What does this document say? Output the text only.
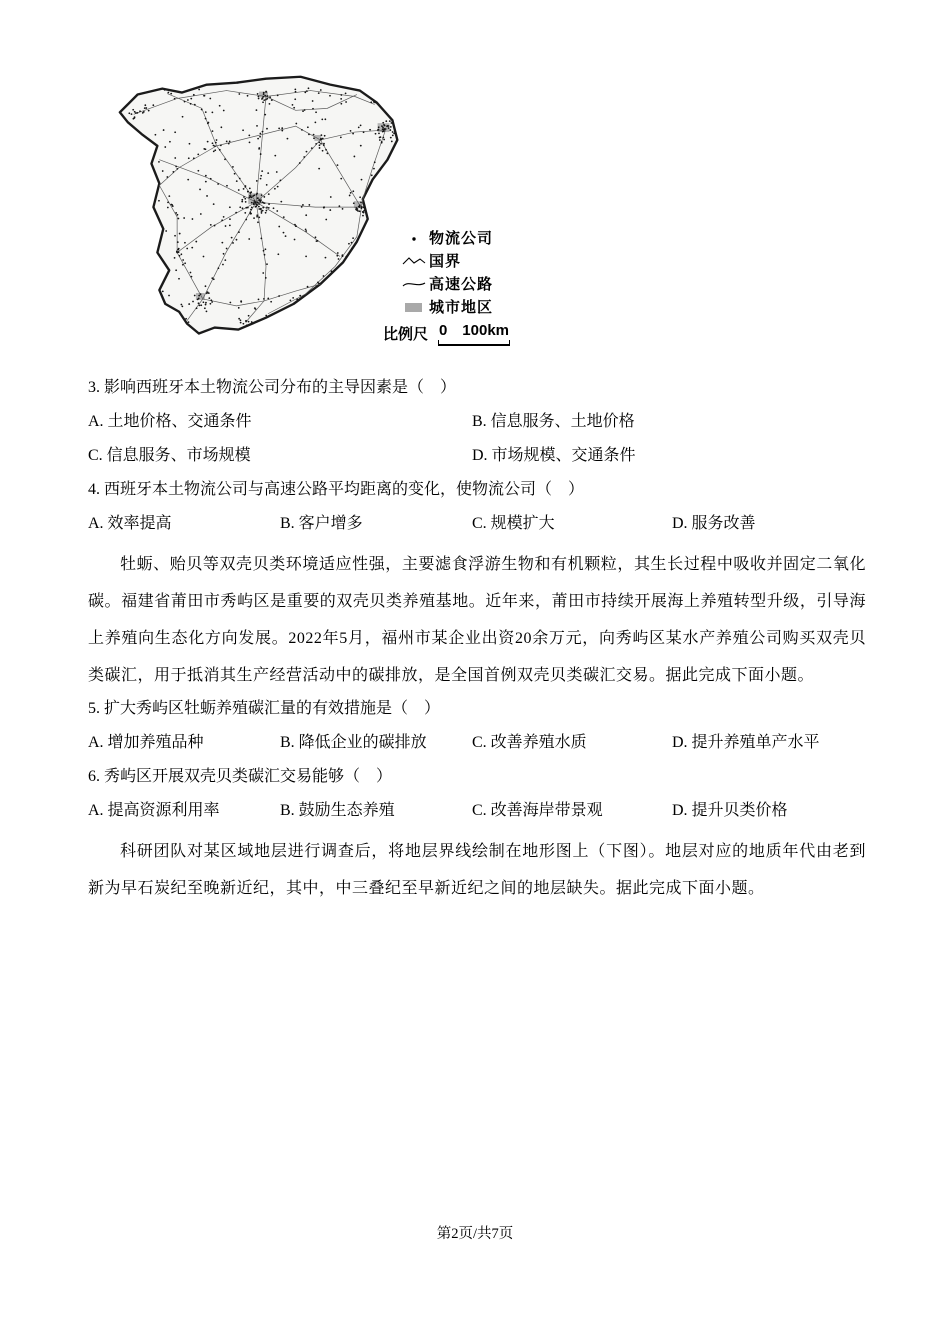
物流公司
国界
高速公路
城市地区
比例尺 0 100km
3. 影响西班牙本土物流公司分布的主导因素是（　）
A. 土地价格、交通条件	B. 信息服务、土地价格
C. 信息服务、市场规模	D. 市场规模、交通条件
4. 西班牙本土物流公司与高速公路平均距离的变化，使物流公司（　）
A. 效率提高	B. 客户增多	C. 规模扩大	D. 服务改善
牡蛎、贻贝等双壳贝类环境适应性强，主要滤食浮游生物和有机颗粒，其生长过程中吸收并固定二氧化碳。福建省莆田市秀屿区是重要的双壳贝类养殖基地。近年来，莆田市持续开展海上养殖转型升级，引导海上养殖向生态化方向发展。2022年5月，福州市某企业出资20余万元，向秀屿区某水产养殖公司购买双壳贝类碳汇，用于抵消其生产经营活动中的碳排放，是全国首例双壳贝类碳汇交易。据此完成下面小题。
5. 扩大秀屿区牡蛎养殖碳汇量的有效措施是（　）
A. 增加养殖品种	B. 降低企业的碳排放	C. 改善养殖水质	D. 提升养殖单产水平
6. 秀屿区开展双壳贝类碳汇交易能够（　）
A. 提高资源利用率	B. 鼓励生态养殖	C. 改善海岸带景观	D. 提升贝类价格
科研团队对某区域地层进行调查后，将地层界线绘制在地形图上（下图）。地层对应的地质年代由老到新为早石炭纪至晚新近纪，其中，中三叠纪至早新近纪之间的地层缺失。据此完成下面小题。
第2页/共7页
